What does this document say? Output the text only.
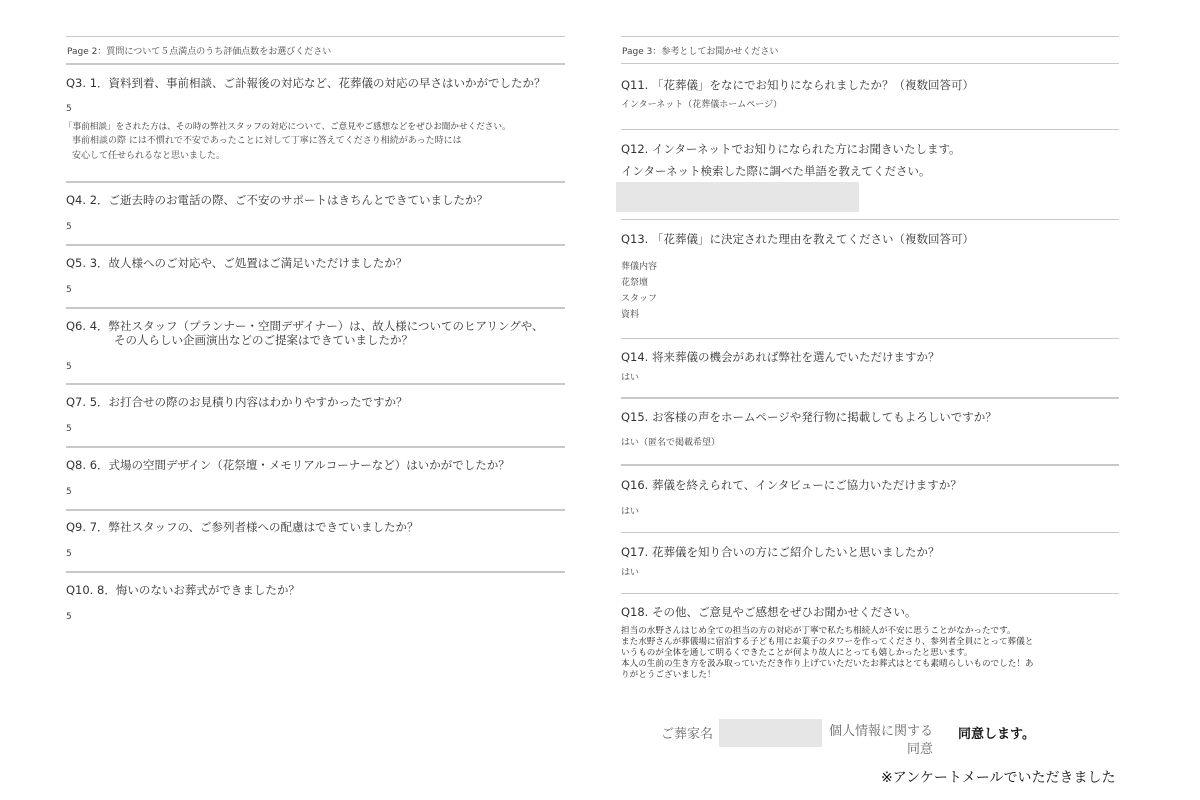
Page 2：質問について５点満点のうち評価点数をお選びください
Q3. 1．資料到着、事前相談、ご訃報後の対応など、花葬儀の対応の早さはいかがでしたか？
5
「事前相談」をされた方は、その時の弊社スタッフの対応について、ご意見やご感想などをぜひお聞かせください。
事前相談の際 には不慣れで不安であったことに対して丁寧に答えてくださり相続があった時には
安心して任せられるなと思いました。
Q4. 2．ご逝去時のお電話の際、ご不安のサポートはきちんとできていましたか？
5
Q5. 3．故人様へのご対応や、ご処置はご満足いただけましたか？
5
Q6. 4．弊社スタッフ（プランナー・空間デザイナー）は、故人様についてのヒアリングや、
その人らしい企画演出などのご提案はできていましたか？
5
Q7. 5．お打合せの際のお見積り内容はわかりやすかったですか？
5
Q8. 6．式場の空間デザイン（花祭壇・メモリアルコーナーなど）はいかがでしたか？
5
Q9. 7．弊社スタッフの、ご参列者様への配慮はできていましたか？
5
Q10. 8．悔いのないお葬式ができましたか？
5
Page 3：参考としてお聞かせください
Q11. 「花葬儀」をなにでお知りになられましたか？（複数回答可）
インターネット（花葬儀ホームページ）
Q12. インターネットでお知りになられた方にお聞きいたします。
インターネット検索した際に調べた単語を教えてください。
Q13. 「花葬儀」に決定された理由を教えてください（複数回答可）
葬儀内容
花祭壇
スタッフ
資料
Q14. 将来葬儀の機会があれば弊社を選んでいただけますか？
はい
Q15. お客様の声をホームページや発行物に掲載してもよろしいですか？
はい（匿名で掲載希望）
Q16. 葬儀を終えられて、インタビューにご協力いただけますか？
はい
Q17. 花葬儀を知り合いの方にご紹介したいと思いましたか？
はい
Q18. その他、ご意見やご感想をぜひお聞かせください。
担当の水野さんはじめ全ての担当の方の対応が丁寧で私たち相続人が不安に思うことがなかったです。
また水野さんが葬儀場に宿泊する子ども用にお菓子のタワーを作ってくださり、参列者全員にとって葬儀と
いうものが全体を通して明るくできたことが何より故人にとっても嬉しかったと思います。
本人の生前の生き方を汲み取っていただき作り上げていただいたお葬式はとても素晴らしいものでした！あ
りがとうございました！
ご葬家名	個人情報に関する
同意
同意します。
※アンケートメールでいただきました
